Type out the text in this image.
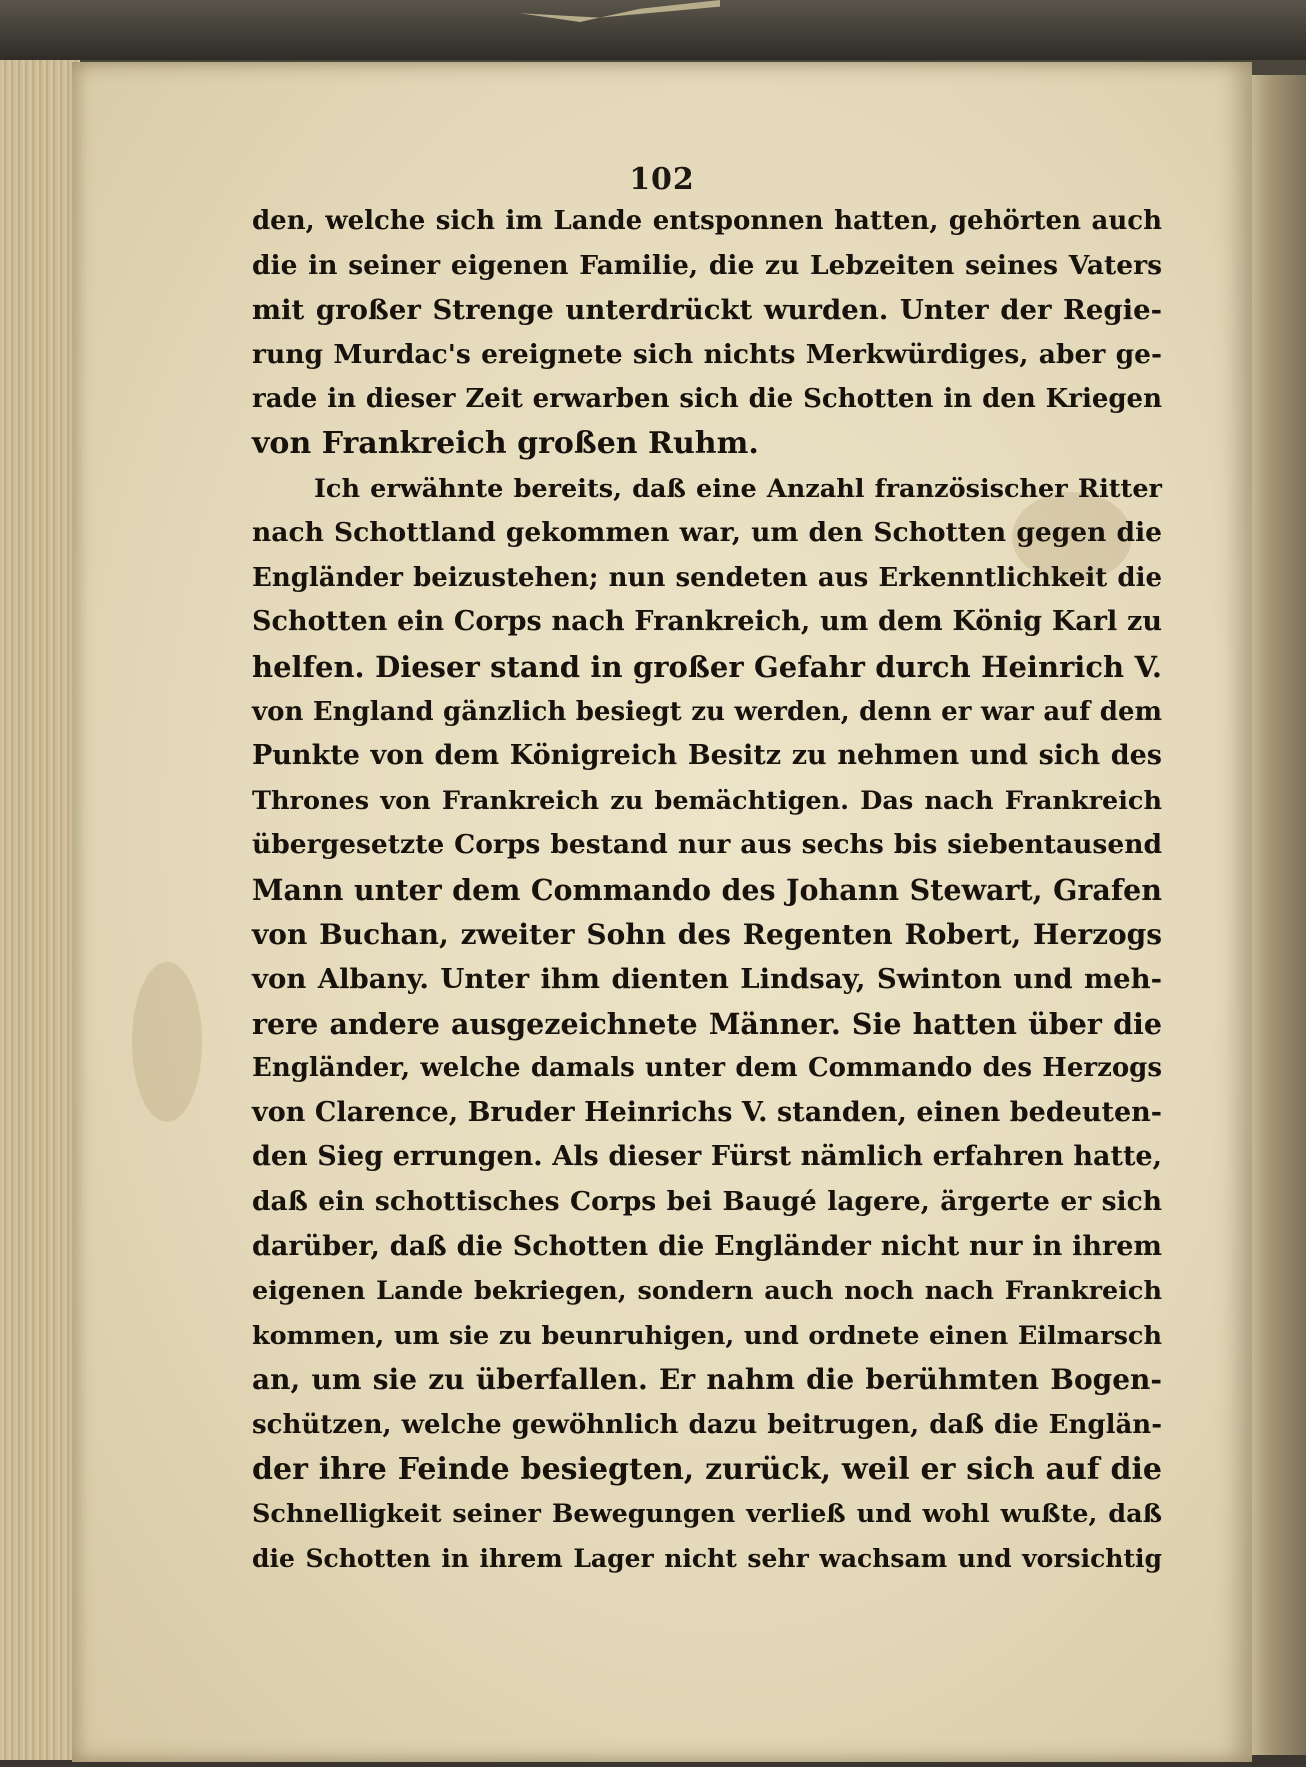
102
den, welche sich im Lande entsponnen hatten, gehörten auch
die in seiner eigenen Familie, die zu Lebzeiten seines Vaters
mit großer Strenge unterdrückt wurden. Unter der Regie-
rung Murdac's ereignete sich nichts Merkwürdiges, aber ge-
rade in dieser Zeit erwarben sich die Schotten in den Kriegen
von Frankreich großen Ruhm.
Ich erwähnte bereits, daß eine Anzahl französischer Ritter
nach Schottland gekommen war, um den Schotten gegen die
Engländer beizustehen; nun sendeten aus Erkenntlichkeit die
Schotten ein Corps nach Frankreich, um dem König Karl zu
helfen. Dieser stand in großer Gefahr durch Heinrich V.
von England gänzlich besiegt zu werden, denn er war auf dem
Punkte von dem Königreich Besitz zu nehmen und sich des
Thrones von Frankreich zu bemächtigen. Das nach Frankreich
übergesetzte Corps bestand nur aus sechs bis siebentausend
Mann unter dem Commando des Johann Stewart, Grafen
von Buchan, zweiter Sohn des Regenten Robert, Herzogs
von Albany. Unter ihm dienten Lindsay, Swinton und meh-
rere andere ausgezeichnete Männer. Sie hatten über die
Engländer, welche damals unter dem Commando des Herzogs
von Clarence, Bruder Heinrichs V. standen, einen bedeuten-
den Sieg errungen. Als dieser Fürst nämlich erfahren hatte,
daß ein schottisches Corps bei Baugé lagere, ärgerte er sich
darüber, daß die Schotten die Engländer nicht nur in ihrem
eigenen Lande bekriegen, sondern auch noch nach Frankreich
kommen, um sie zu beunruhigen, und ordnete einen Eilmarsch
an, um sie zu überfallen. Er nahm die berühmten Bogen-
schützen, welche gewöhnlich dazu beitrugen, daß die Englän-
der ihre Feinde besiegten, zurück, weil er sich auf die
Schnelligkeit seiner Bewegungen verließ und wohl wußte, daß
die Schotten in ihrem Lager nicht sehr wachsam und vorsichtig
